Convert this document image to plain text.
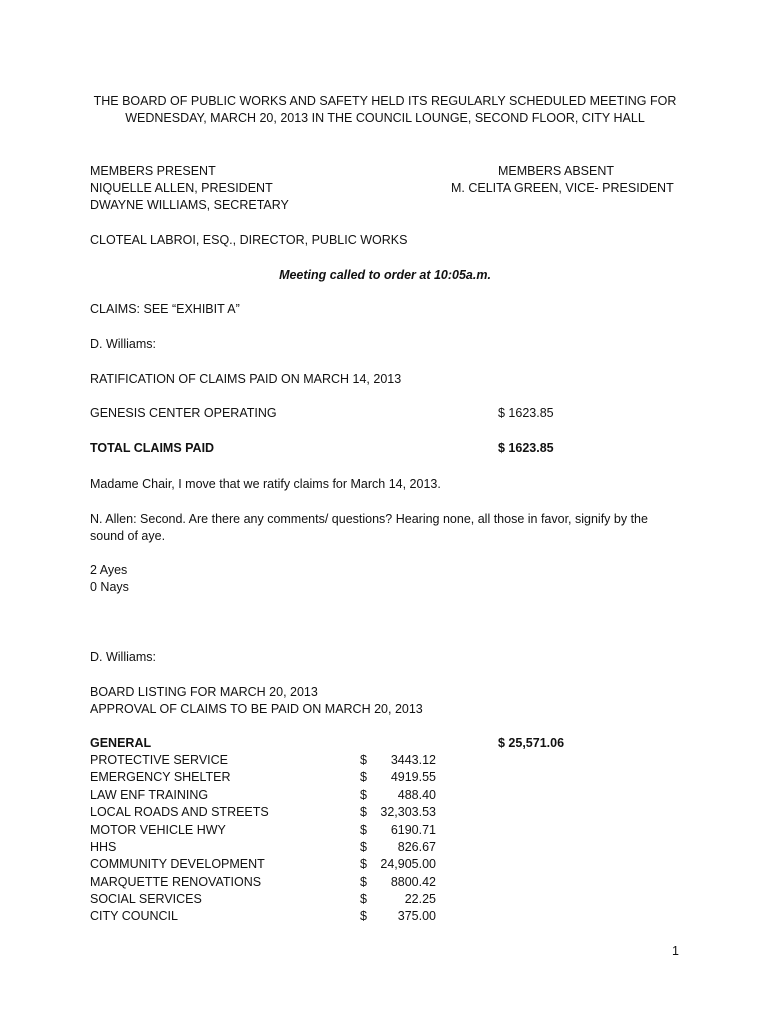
THE BOARD OF PUBLIC WORKS AND SAFETY HELD ITS REGULARLY SCHEDULED MEETING FOR
WEDNESDAY, MARCH 20, 2013 IN THE COUNCIL LOUNGE, SECOND FLOOR, CITY HALL
MEMBERS PRESENT
NIQUELLE ALLEN, PRESIDENT
DWAYNE WILLIAMS, SECRETARY
MEMBERS ABSENT
M. CELITA GREEN, VICE- PRESIDENT
CLOTEAL LABROI, ESQ., DIRECTOR, PUBLIC WORKS
Meeting called to order at 10:05a.m.
CLAIMS: SEE “EXHIBIT A”
D. Williams:
RATIFICATION OF CLAIMS PAID ON MARCH 14, 2013
GENESIS CENTER OPERATING	$ 1623.85
TOTAL CLAIMS PAID	$ 1623.85
Madame Chair, I move that we ratify claims for March 14, 2013.
N. Allen: Second. Are there any comments/ questions? Hearing none, all those in favor, signify by the sound of aye.
2 Ayes
0 Nays
D. Williams:
BOARD LISTING FOR MARCH 20, 2013
APPROVAL OF CLAIMS TO BE PAID ON MARCH 20, 2013
GENERAL	$ 25,571.06
PROTECTIVE SERVICE	$	3443.12
EMERGENCY SHELTER	$	4919.55
LAW ENF TRAINING	$	488.40
LOCAL ROADS AND STREETS	$	32,303.53
MOTOR VEHICLE HWY	$	6190.71
HHS	$	826.67
COMMUNITY DEVELOPMENT	$	24,905.00
MARQUETTE RENOVATIONS	$	8800.42
SOCIAL SERVICES	$	22.25
CITY COUNCIL	$	375.00
1
